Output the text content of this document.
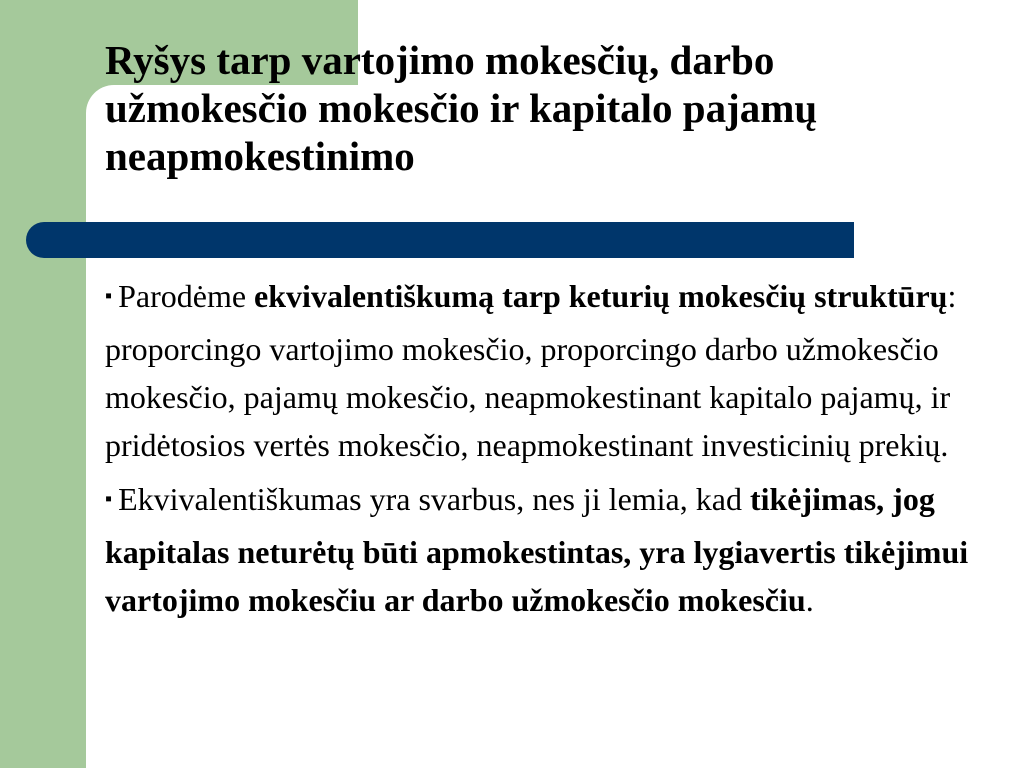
Ryšys tarp vartojimo mokesčių, darbo užmokesčio mokesčio ir kapitalo pajamų neapmokestinimo

▪ Parodėme ekvivalentiškumą tarp keturių mokesčių struktūrų: proporcingo vartojimo mokesčio, proporcingo darbo užmokesčio mokesčio, pajamų mokesčio, neapmokestinant kapitalo pajamų, ir pridėtosios vertės mokesčio, neapmokestinant investicinių prekių.

▪ Ekvivalentiškumas yra svarbus, nes ji lemia, kad tikėjimas, jog kapitalas neturėtų būti apmokestintas, yra lygiavertis tikėjimui vartojimo mokesčiu ar darbo užmokesčio mokesčiu.
